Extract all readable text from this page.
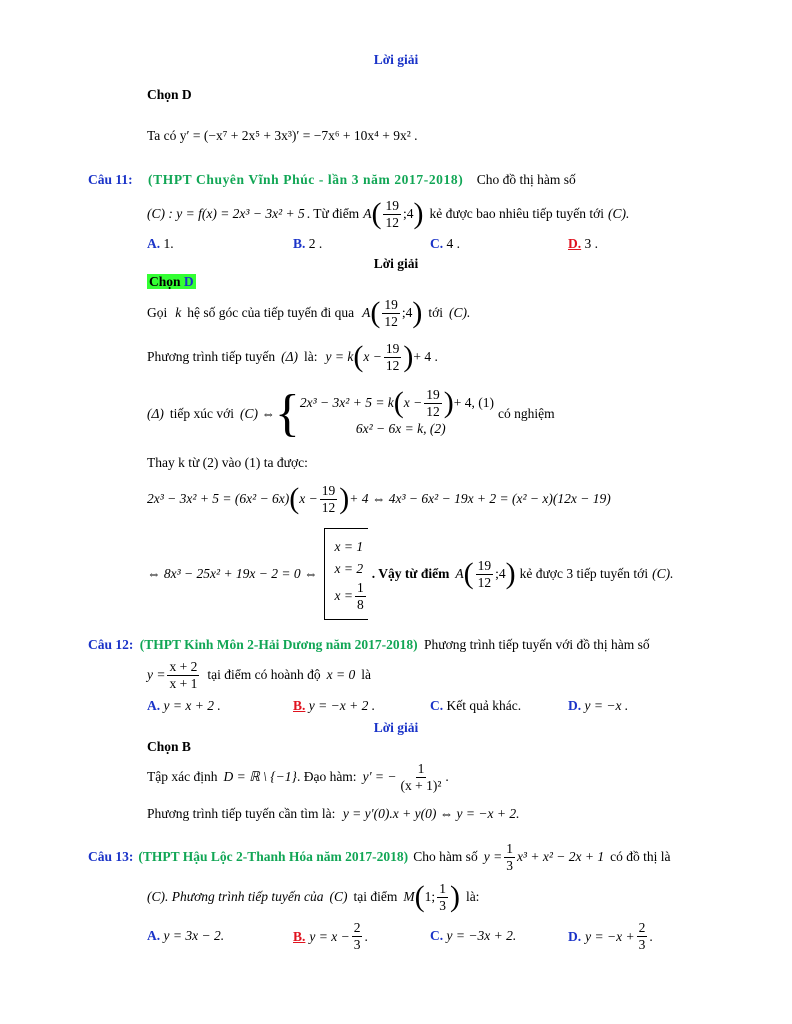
Lời giải
Chọn D
Ta có y′ = (−x⁷ + 2x⁵ + 3x³)′ = −7x⁶ + 10x⁴ + 9x² .
Câu 11: (THPT Chuyên Vĩnh Phúc - lần 3 năm 2017-2018) Cho đồ thị hàm số
(C) : y = f(x) = 2x³ − 3x² + 5 . Từ điểm A ( $\frac{19}{12}$ ;4 ) kẻ được bao nhiêu tiếp tuyến tới (C).
A. 1.	B. 2 .	C. 4 .	D. 3 .
Lời giải
Chọn D
Gọi k hệ số góc của tiếp tuyến đi qua A ( $\frac{19}{12}$ ;4 ) tới (C).
Phương trình tiếp tuyến (Δ) là: y = k ( $x - \frac{19}{12}$ ) + 4 .
(Δ) tiếp xúc với (C) ⇔ { 2x³ − 3x² + 5 = k ( $x - \frac{19}{12}$ ) + 4, (1)
6x² − 6x = k, (2)
có nghiệm
Thay k từ (2) vào (1) ta được:
2x³ − 3x² + 5 = (6x² − 6x) ( $x - \frac{19}{12}$ ) + 4 ⇔ 4x³ − 6x² − 19x + 2 = (x² − x)(12x − 19)
⇔ 8x³ − 25x² + 19x − 2 = 0 ⇔
x = 1
x = 2
$x = \frac{1}{8}$
. Vậy từ điểm A ( $\frac{19}{12}$ ;4 ) kẻ được 3 tiếp tuyến tới (C).
Câu 12: (THPT Kinh Môn 2-Hải Dương năm 2017-2018) Phương trình tiếp tuyến với đồ thị hàm số
$y = \frac{x + 2}{x + 1}$ tại điểm có hoành độ x = 0 là
A. y = x + 2 .	B. y = −x + 2 .	C. Kết quả khác.	D. y = −x .
Lời giải
Chọn B
Tập xác định D = ℝ \ {−1} . Đạo hàm: y′ = − $\frac{1}{\text{(x + 1)²}}$ .
Phương trình tiếp tuyến cần tìm là: y = y′(0).x + y(0) ⇔ y = −x + 2.
Câu 13: (THPT Hậu Lộc 2-Thanh Hóa năm 2017-2018) Cho hàm số $y = \frac{1}{3} x^3 + x^2 - 2x + 1$ có đồ thị là
(C). Phương trình tiếp tuyến của (C) tại điểm M ( 1; $\frac{1}{3}$ ) là:
A. y = 3x − 2.	B. $y = x - \frac{2}{3}$ .	C. y = −3x + 2.	D. $y = -x + \frac{2}{3}$ .
